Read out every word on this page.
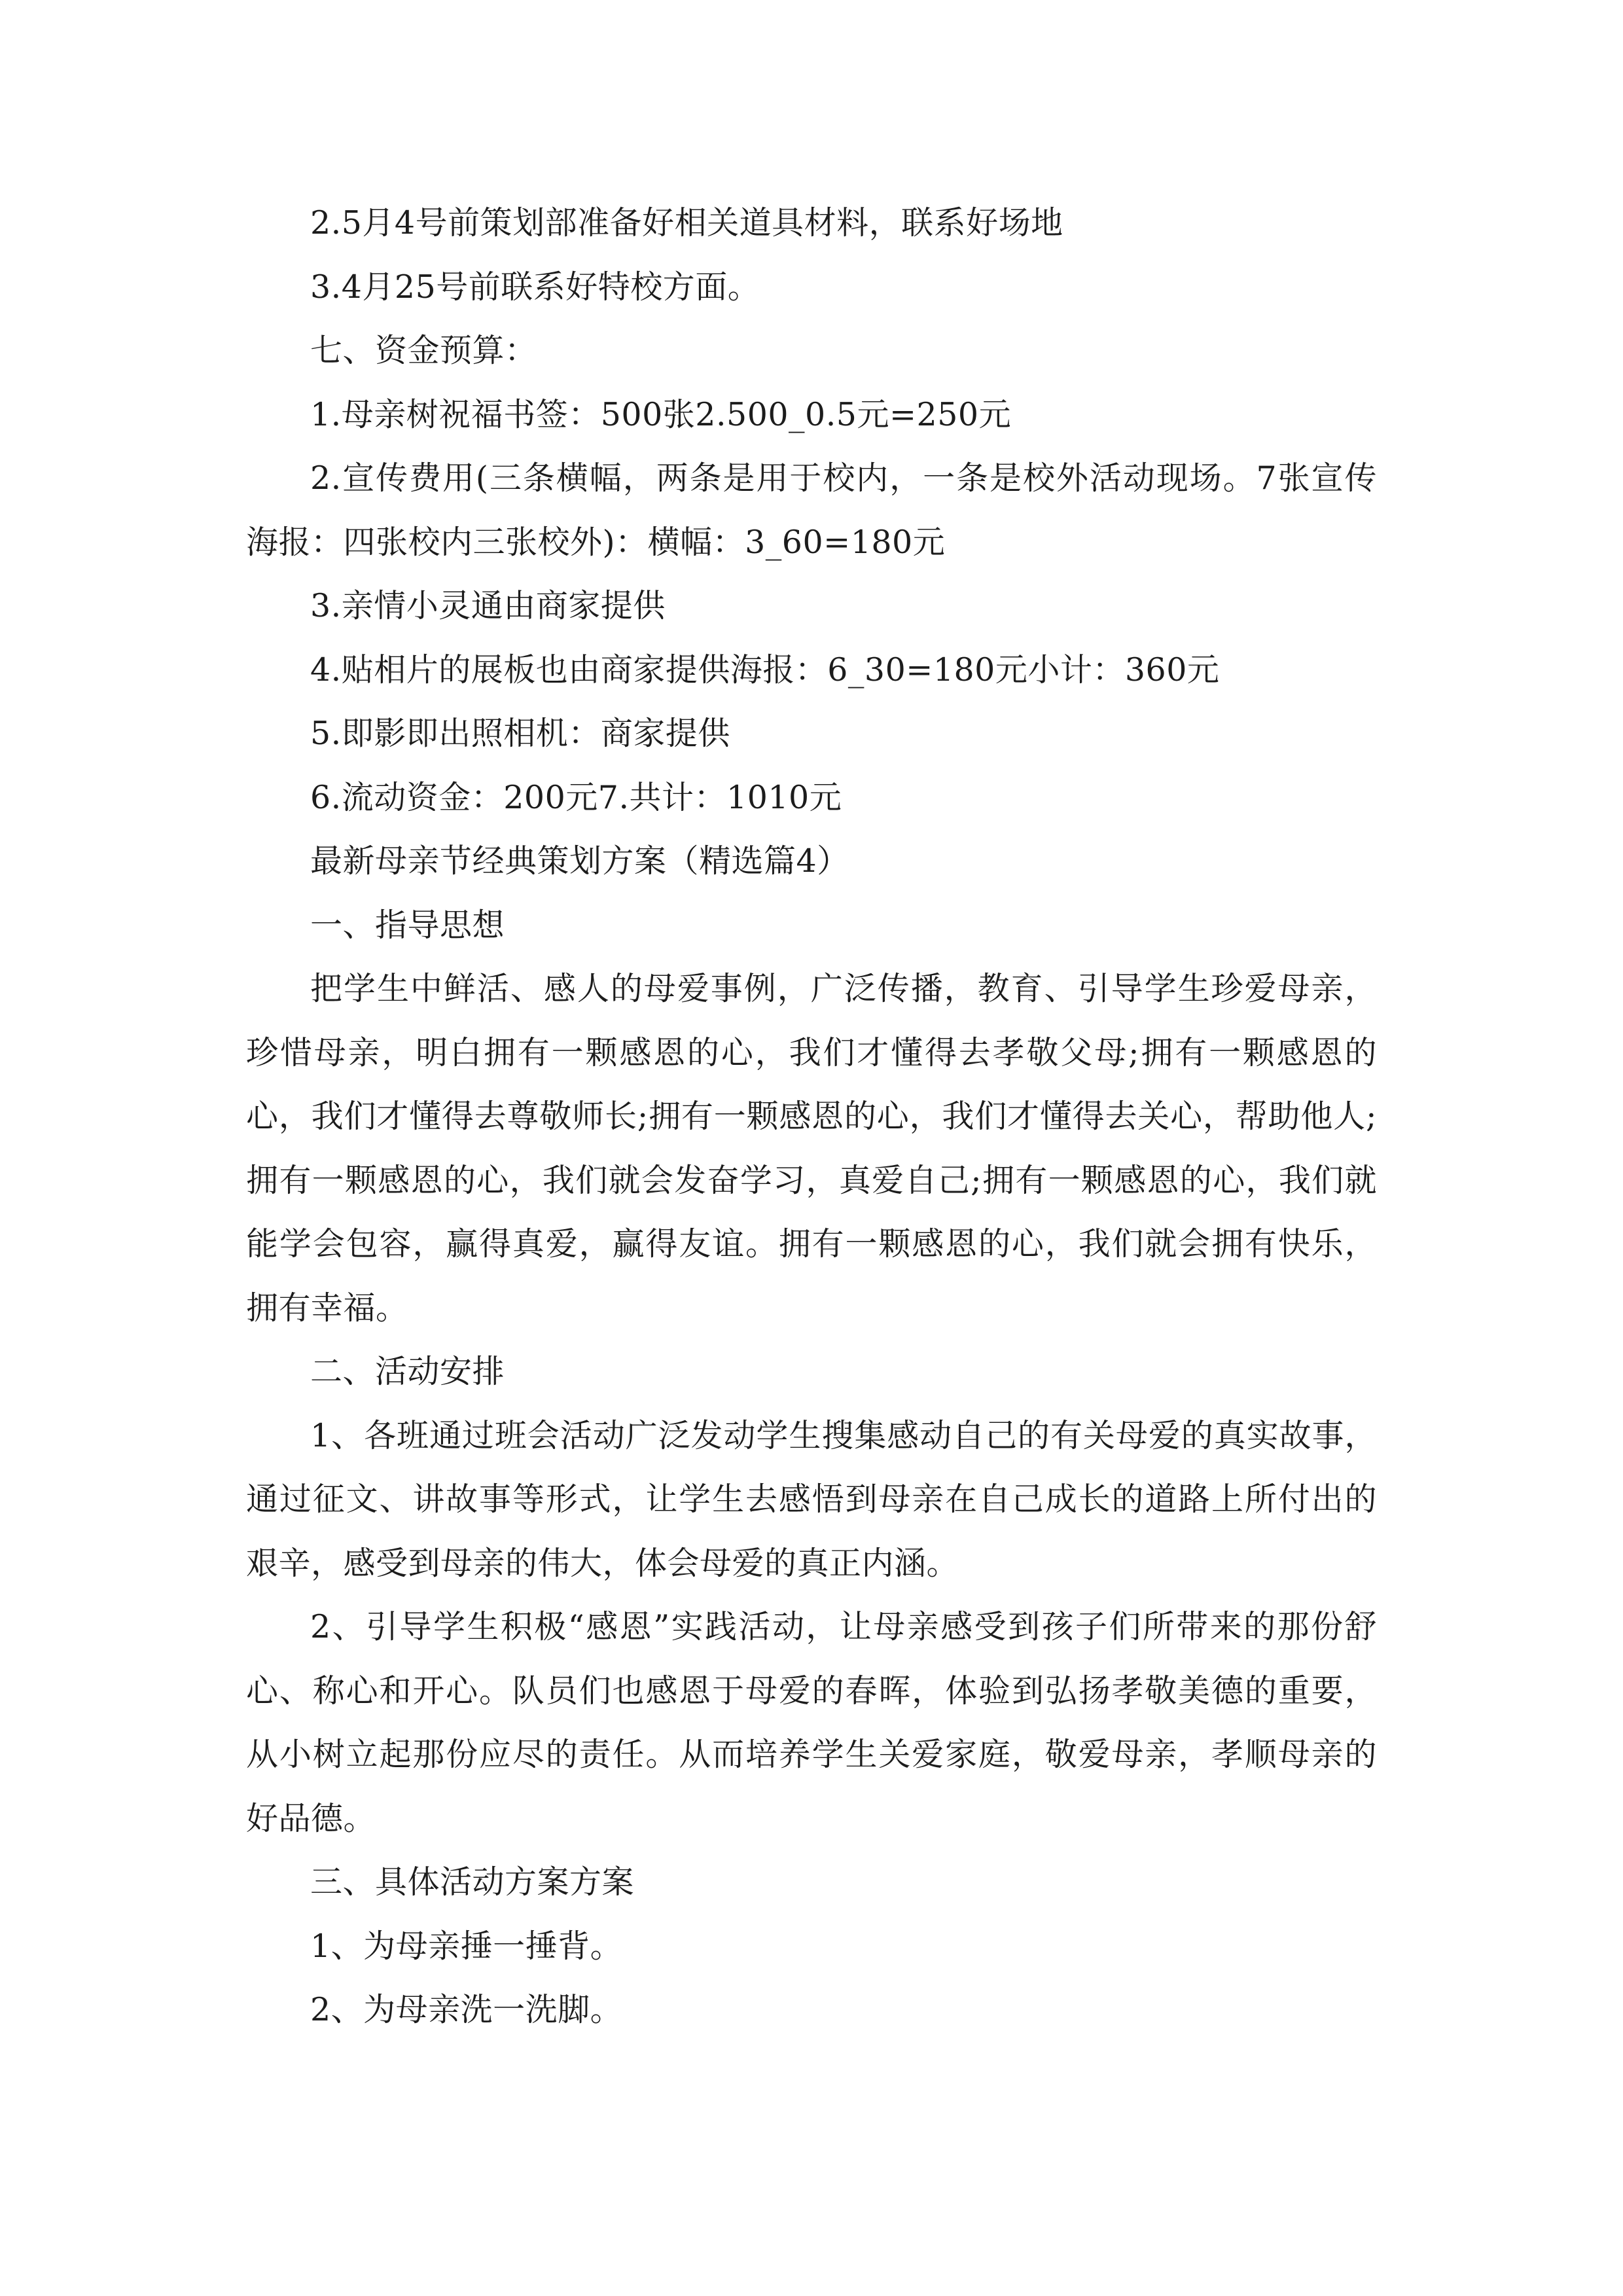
2.5月4号前策划部准备好相关道具材料，联系好场地

3.4月25号前联系好特校方面。

七、资金预算：

1.母亲树祝福书签：500张2.500_0.5元=250元

2.宣传费用(三条横幅，两条是用于校内，一条是校外活动现场。7张宣传海报：四张校内三张校外)：横幅：3_60=180元

3.亲情小灵通由商家提供

4.贴相片的展板也由商家提供海报：6_30=180元小计：360元

5.即影即出照相机：商家提供

6.流动资金：200元7.共计：1010元

最新母亲节经典策划方案（精选篇4）

一、指导思想

把学生中鲜活、感人的母爱事例，广泛传播，教育、引导学生珍爱母亲，珍惜母亲，明白拥有一颗感恩的心，我们才懂得去孝敬父母;拥有一颗感恩的心，我们才懂得去尊敬师长;拥有一颗感恩的心，我们才懂得去关心，帮助他人;拥有一颗感恩的心，我们就会发奋学习，真爱自己;拥有一颗感恩的心，我们就能学会包容，赢得真爱，赢得友谊。拥有一颗感恩的心，我们就会拥有快乐，拥有幸福。

二、活动安排

1、各班通过班会活动广泛发动学生搜集感动自己的有关母爱的真实故事，通过征文、讲故事等形式，让学生去感悟到母亲在自己成长的道路上所付出的艰辛，感受到母亲的伟大，体会母爱的真正内涵。

2、引导学生积极“感恩”实践活动，让母亲感受到孩子们所带来的那份舒心、称心和开心。队员们也感恩于母爱的春晖，体验到弘扬孝敬美德的重要，从小树立起那份应尽的责任。从而培养学生关爱家庭，敬爱母亲，孝顺母亲的好品德。

三、具体活动方案方案

1、为母亲捶一捶背。

2、为母亲洗一洗脚。
